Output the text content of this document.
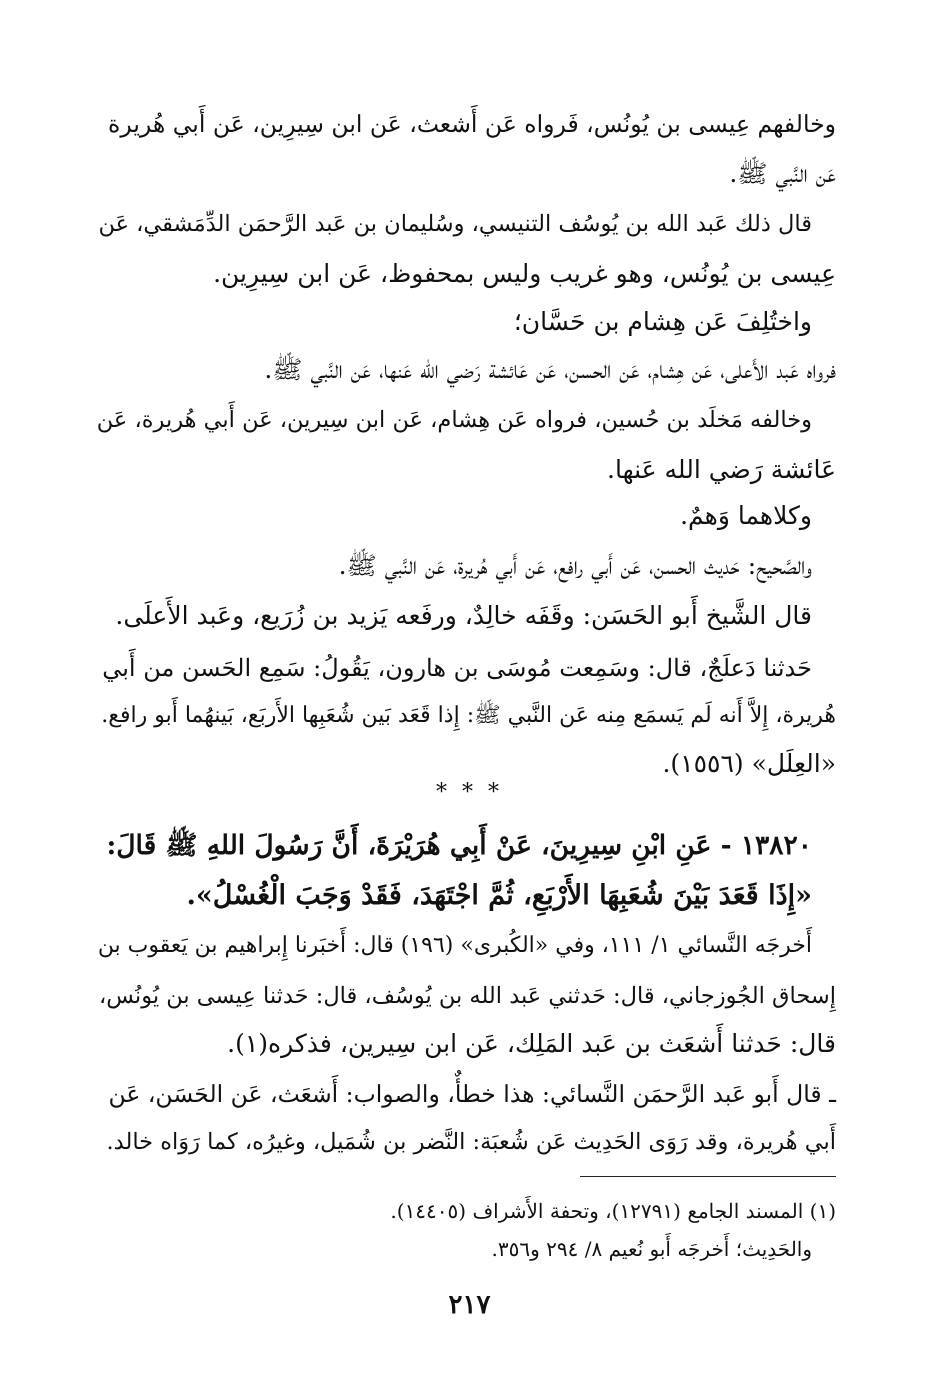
وخالفهم عِيسى بن يُونُس، فَرواه عَن أَشعث، عَن ابن سِيرِين، عَن أَبي هُريرة
عَن النَّبي ﷺ.
قال ذلك عَبد الله بن يُوسُف التنيسي، وسُليمان بن عَبد الرَّحمَن الدِّمَشقي، عَن
عِيسى بن يُونُس، وهو غريب وليس بمحفوظ، عَن ابن سِيرِين.
واختُلِفَ عَن هِشام بن حَسَّان؛
فرواه عَبد الأَعلى، عَن هِشام، عَن الحسن، عَن عَائشة رَضي الله عَنها، عَن النَّبي ﷺ.
وخالفه مَخلَد بن حُسين، فرواه عَن هِشام، عَن ابن سِيرين، عَن أَبي هُريرة، عَن
عَائشة رَضي الله عَنها.
وكلاهما وَهمٌ.
والصَّحيح: حَديث الحسن، عَن أَبي رافع، عَن أَبي هُريرة، عَن النَّبي ﷺ.
قال الشَّيخ أَبو الحَسَن: وقَفَه خالِدٌ، ورفَعه يَزيد بن زُرَيع، وعَبد الأَعلَى.
حَدثنا دَعلَجٌ، قال: وسَمِعت مُوسَى بن هارون، يَقُولُ: سَمِع الحَسن من أَبي
هُريرة، إِلاَّ أَنه لَم يَسمَع مِنه عَن النَّبي ﷺ: إِذا قَعَد بَين شُعَبِها الأَربَع، بَينهُما أَبو رافع.
«العِلَل» (١٥٥٦).
* * *
١٣٨٢٠ - عَنِ ابْنِ سِيرِينَ، عَنْ أَبِي هُرَيْرَةَ، أَنَّ رَسُولَ اللهِ ﷺ قَالَ:
«إِذَا قَعَدَ بَيْنَ شُعَبِهَا الأَرْبَعِ، ثُمَّ اجْتَهَدَ، فَقَدْ وَجَبَ الْغُسْلُ».
أَخرجَه النَّسائي ١/ ١١١، وفي «الكُبرى» (١٩٦) قال: أَخبَرنا إِبراهيم بن يَعقوب بن
إِسحاق الجُوزجاني، قال: حَدثني عَبد الله بن يُوسُف، قال: حَدثنا عِيسى بن يُونُس،
قال: حَدثنا أَشعَث بن عَبد المَلِك، عَن ابن سِيرين، فذكره(١).
ـ قال أَبو عَبد الرَّحمَن النَّسائي: هذا خطأٌ، والصواب: أَشعَث، عَن الحَسَن، عَن
أَبي هُريرة، وقد رَوَى الحَدِيث عَن شُعبَة: النَّضر بن شُمَيل، وغيرُه، كما رَوَاه خالد.
(١) المسند الجامع (١٢٧٩١)، وتحفة الأَشراف (١٤٤٠٥).
والحَدِيث؛ أَخرجَه أَبو نُعيم ٨/ ٢٩٤ و٣٥٦.
٢١٧
